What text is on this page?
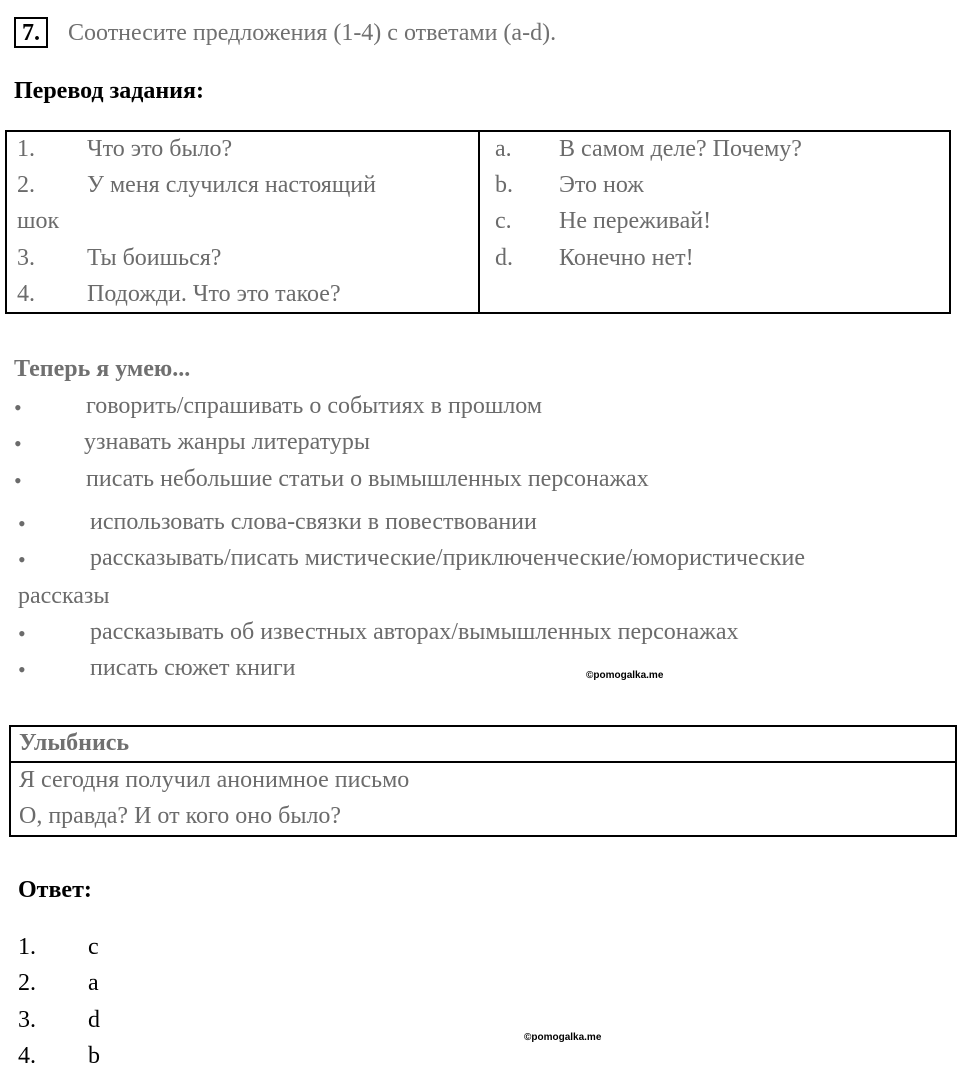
7. Соотнесите предложения (1-4) с ответами (a-d).
Перевод задания:
1. Что это было?
2. У меня случился настоящий
шок
3. Ты боишься?
4. Подожди. Что это такое?
a. В самом деле? Почему?
b. Это нож
c. Не переживай!
d. Конечно нет!
Теперь я умею...
•	говорить/спрашивать о событиях в прошлом
•	узнавать жанры литературы
•	писать небольшие статьи о вымышленных персонажах
•	использовать слова-связки в повествовании
•	рассказывать/писать мистические/приключенческие/юмористические
рассказы
•	рассказывать об известных авторах/вымышленных персонажах
•	писать сюжет книги	©pomogalka.me
Улыбнись
Я сегодня получил анонимное письмо
О, правда? И от кого оно было?
Ответ:
1. c
2. a
3. d
4. b
©pomogalka.me
